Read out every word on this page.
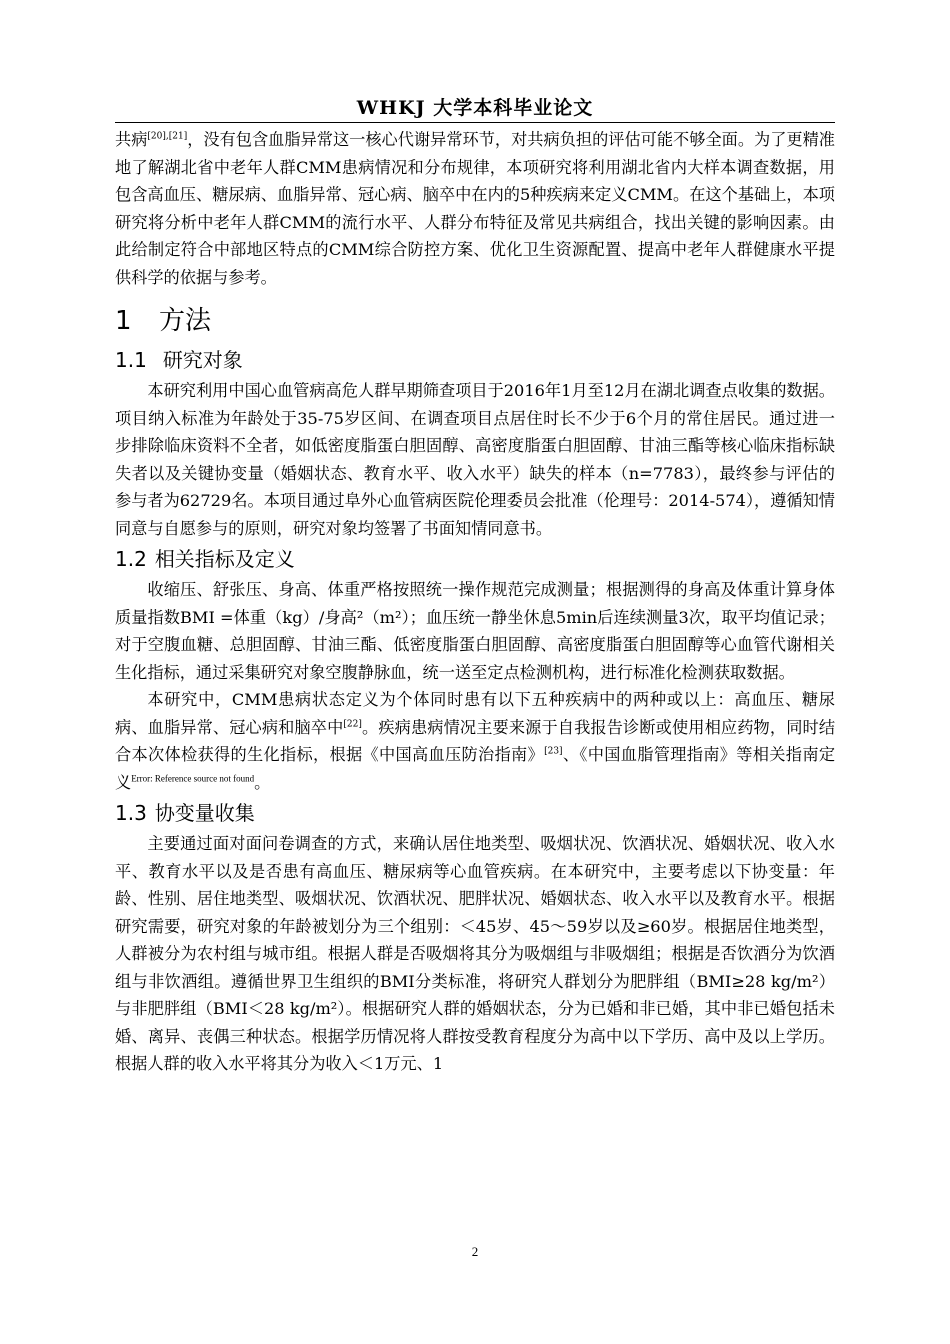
WHKJ 大学本科毕业论文

共病[20],[21]，没有包含血脂异常这一核心代谢异常环节，对共病负担的评估可能不够全面。为了更精准地了解湖北省中老年人群CMM患病情况和分布规律，本项研究将利用湖北省内大样本调查数据，用包含高血压、糖尿病、血脂异常、冠心病、脑卒中在内的5种疾病来定义CMM。在这个基础上，本项研究将分析中老年人群CMM的流行水平、人群分布特征及常见共病组合，找出关键的影响因素。由此给制定符合中部地区特点的CMM综合防控方案、优化卫生资源配置、提高中老年人群健康水平提供科学的依据与参考。

1 方法
1.1 研究对象

本研究利用中国心血管病高危人群早期筛查项目于2016年1月至12月在湖北调查点收集的数据。项目纳入标准为年龄处于35-75岁区间、在调查项目点居住时长不少于6个月的常住居民。通过进一步排除临床资料不全者，如低密度脂蛋白胆固醇、高密度脂蛋白胆固醇、甘油三酯等核心临床指标缺失者以及关键协变量（婚姻状态、教育水平、收入水平）缺失的样本（n=7783），最终参与评估的参与者为62729名。本项目通过阜外心血管病医院伦理委员会批准（伦理号：2014-574），遵循知情同意与自愿参与的原则，研究对象均签署了书面知情同意书。

1.2 相关指标及定义

收缩压、舒张压、身高、体重严格按照统一操作规范完成测量；根据测得的身高及体重计算身体质量指数BMI =体重（kg）/身高²（m²）；血压统一静坐休息5min后连续测量3次，取平均值记录；对于空腹血糖、总胆固醇、甘油三酯、低密度脂蛋白胆固醇、高密度脂蛋白胆固醇等心血管代谢相关生化指标，通过采集研究对象空腹静脉血，统一送至定点检测机构，进行标准化检测获取数据。

本研究中，CMM患病状态定义为个体同时患有以下五种疾病中的两种或以上：高血压、糖尿病、血脂异常、冠心病和脑卒中[22]。疾病患病情况主要来源于自我报告诊断或使用相应药物，同时结合本次体检获得的生化指标，根据《中国高血压防治指南》[23]、《中国血脂管理指南》等相关指南定义$^{Error: Reference source not found}$。

1.3 协变量收集

主要通过面对面问卷调查的方式，来确认居住地类型、吸烟状况、饮酒状况、婚姻状况、收入水平、教育水平以及是否患有高血压、糖尿病等心血管疾病。在本研究中，主要考虑以下协变量：年龄、性别、居住地类型、吸烟状况、饮酒状况、肥胖状况、婚姻状态、收入水平以及教育水平。根据研究需要，研究对象的年龄被划分为三个组别：＜45岁、45～59岁以及≥60岁。根据居住地类型，人群被分为农村组与城市组。根据人群是否吸烟将其分为吸烟组与非吸烟组；根据是否饮酒分为饮酒组与非饮酒组。遵循世界卫生组织的BMI分类标准，将研究人群划分为肥胖组（BMI≥28 kg/m²）与非肥胖组（BMI＜28 kg/m²）。根据研究人群的婚姻状态，分为已婚和非已婚，其中非已婚包括未婚、离异、丧偶三种状态。根据学历情况将人群按受教育程度分为高中以下学历、高中及以上学历。根据人群的收入水平将其分为收入＜1万元、1

2
